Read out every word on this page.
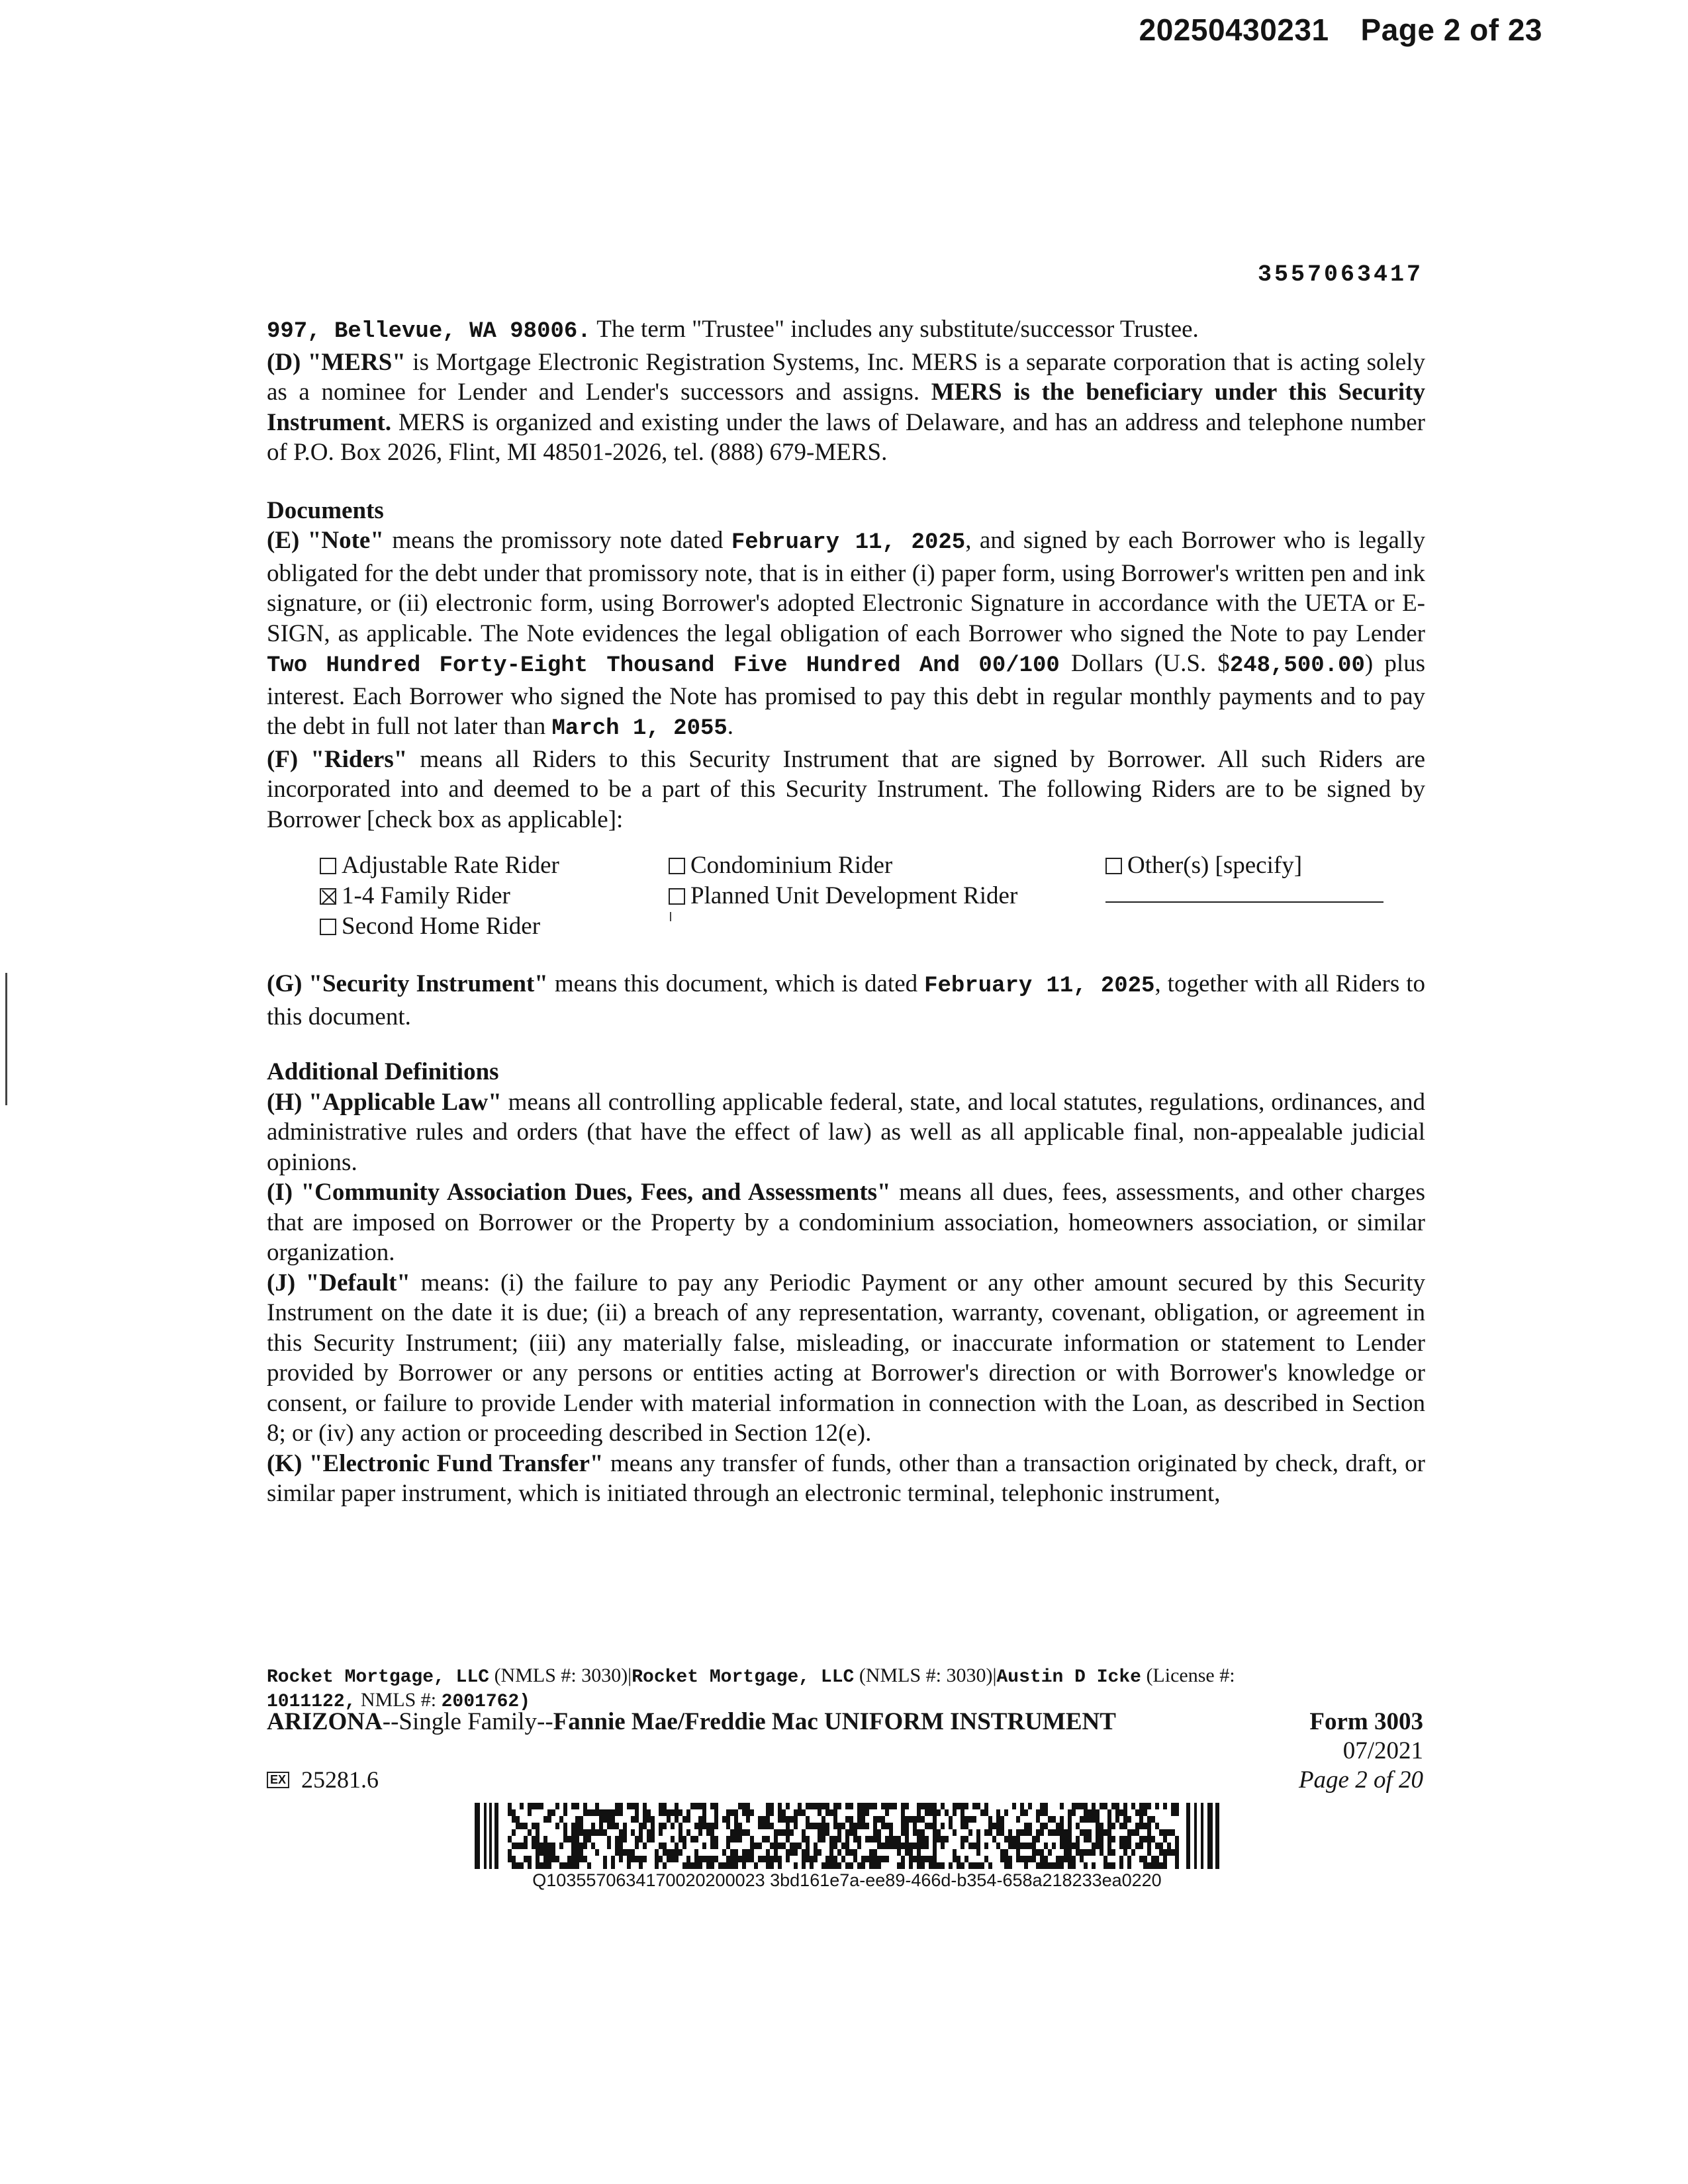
20250430231 Page 2 of 23
3557063417

997, Bellevue, WA 98006. The term "Trustee" includes any substitute/successor Trustee.

(D) "MERS" is Mortgage Electronic Registration Systems, Inc. MERS is a separate corporation that is acting solely as a nominee for Lender and Lender's successors and assigns. MERS is the beneficiary under this Security Instrument. MERS is organized and existing under the laws of Delaware, and has an address and telephone number of P.O. Box 2026, Flint, MI 48501-2026, tel. (888) 679-MERS.

Documents

(E) "Note" means the promissory note dated February 11, 2025, and signed by each Borrower who is legally obligated for the debt under that promissory note, that is in either (i) paper form, using Borrower's written pen and ink signature, or (ii) electronic form, using Borrower's adopted Electronic Signature in accordance with the UETA or E-SIGN, as applicable. The Note evidences the legal obligation of each Borrower who signed the Note to pay Lender Two Hundred Forty-Eight Thousand Five Hundred And 00/100 Dollars (U.S. $248,500.00) plus interest. Each Borrower who signed the Note has promised to pay this debt in regular monthly payments and to pay the debt in full not later than March 1, 2055.

(F) "Riders" means all Riders to this Security Instrument that are signed by Borrower. All such Riders are incorporated into and deemed to be a part of this Security Instrument. The following Riders are to be signed by Borrower [check box as applicable]:

Adjustable Rate Rider
1-4 Family Rider
Second Home Rider
Condominium Rider
Planned Unit Development Rider
Other(s) [specify]

(G) "Security Instrument" means this document, which is dated February 11, 2025, together with all Riders to this document.

Additional Definitions

(H) "Applicable Law" means all controlling applicable federal, state, and local statutes, regulations, ordinances, and administrative rules and orders (that have the effect of law) as well as all applicable final, non-appealable judicial opinions.

(I) "Community Association Dues, Fees, and Assessments" means all dues, fees, assessments, and other charges that are imposed on Borrower or the Property by a condominium association, homeowners association, or similar organization.

(J) "Default" means: (i) the failure to pay any Periodic Payment or any other amount secured by this Security Instrument on the date it is due; (ii) a breach of any representation, warranty, covenant, obligation, or agreement in this Security Instrument; (iii) any materially false, misleading, or inaccurate information or statement to Lender provided by Borrower or any persons or entities acting at Borrower's direction or with Borrower's knowledge or consent, or failure to provide Lender with material information in connection with the Loan, as described in Section 8; or (iv) any action or proceeding described in Section 12(e).

(K) "Electronic Fund Transfer" means any transfer of funds, other than a transaction originated by check, draft, or similar paper instrument, which is initiated through an electronic terminal, telephonic instrument,

Rocket Mortgage, LLC (NMLS #: 3030)|Rocket Mortgage, LLC (NMLS #: 3030)|Austin D Icke (License #:
1011122, NMLS #: 2001762)
ARIZONA--Single Family--Fannie Mae/Freddie Mac UNIFORM INSTRUMENT	Form 3003
07/2021
Page 2 of 20
EX 25281.6
Q1035570634170020200023 3bd161e7a-ee89-466d-b354-658a218233ea0220
